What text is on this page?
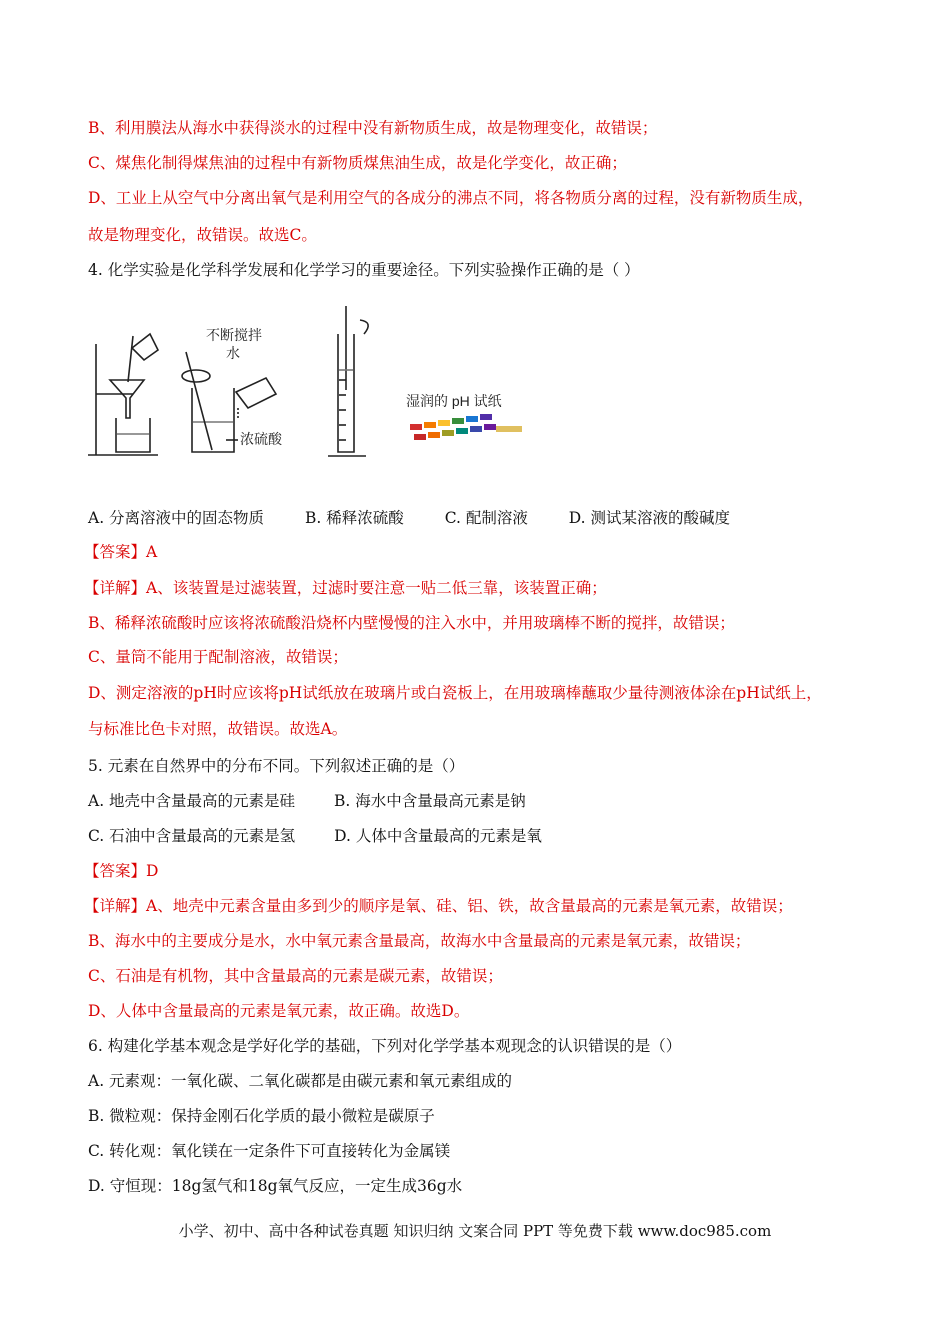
B、利用膜法从海水中获得淡水的过程中没有新物质生成，故是物理变化，故错误；
C、煤焦化制得煤焦油的过程中有新物质煤焦油生成，故是化学变化，故正确；
D、工业上从空气中分离出氧气是利用空气的各成分的沸点不同，将各物质分离的过程，没有新物质生成，
故是物理变化，故错误。故选C。
4. 化学实验是化学科学发展和化学学习的重要途径。下列实验操作正确的是（ ）
不断搅拌
水
浓硫酸
湿润的 pH 试纸
A. 分离溶液中的固态物质	B. 稀释浓硫酸	C. 配制溶液	D. 测试某溶液的酸碱度
【答案】A
【详解】A、该装置是过滤装置，过滤时要注意一贴二低三靠，该装置正确；
B、稀释浓硫酸时应该将浓硫酸沿烧杯内壁慢慢的注入水中，并用玻璃棒不断的搅拌，故错误；
C、量筒不能用于配制溶液，故错误；
D、测定溶液的pH时应该将pH试纸放在玻璃片或白瓷板上，在用玻璃棒蘸取少量待测液体涂在pH试纸上，
与标准比色卡对照，故错误。故选A。
5. 元素在自然界中的分布不同。下列叙述正确的是（）
A. 地壳中含量最高的元素是硅	B. 海水中含量最高元素是钠
C. 石油中含量最高的元素是氢	D. 人体中含量最高的元素是氧
【答案】D
【详解】A、地壳中元素含量由多到少的顺序是氧、硅、铝、铁，故含量最高的元素是氧元素，故错误；
B、海水中的主要成分是水，水中氧元素含量最高，故海水中含量最高的元素是氧元素，故错误；
C、石油是有机物，其中含量最高的元素是碳元素，故错误；
D、人体中含量最高的元素是氧元素，故正确。故选D。
6. 构建化学基本观念是学好化学的基础，下列对化学学基本观现念的认识错误的是（）
A. 元素观：一氧化碳、二氧化碳都是由碳元素和氧元素组成的
B. 微粒观：保持金刚石化学质的最小微粒是碳原子
C. 转化观：氧化镁在一定条件下可直接转化为金属镁
D. 守恒现：18g氢气和18g氧气反应，一定生成36g水
小学、初中、高中各种试卷真题 知识归纳 文案合同 PPT 等免费下载 www.doc985.com
